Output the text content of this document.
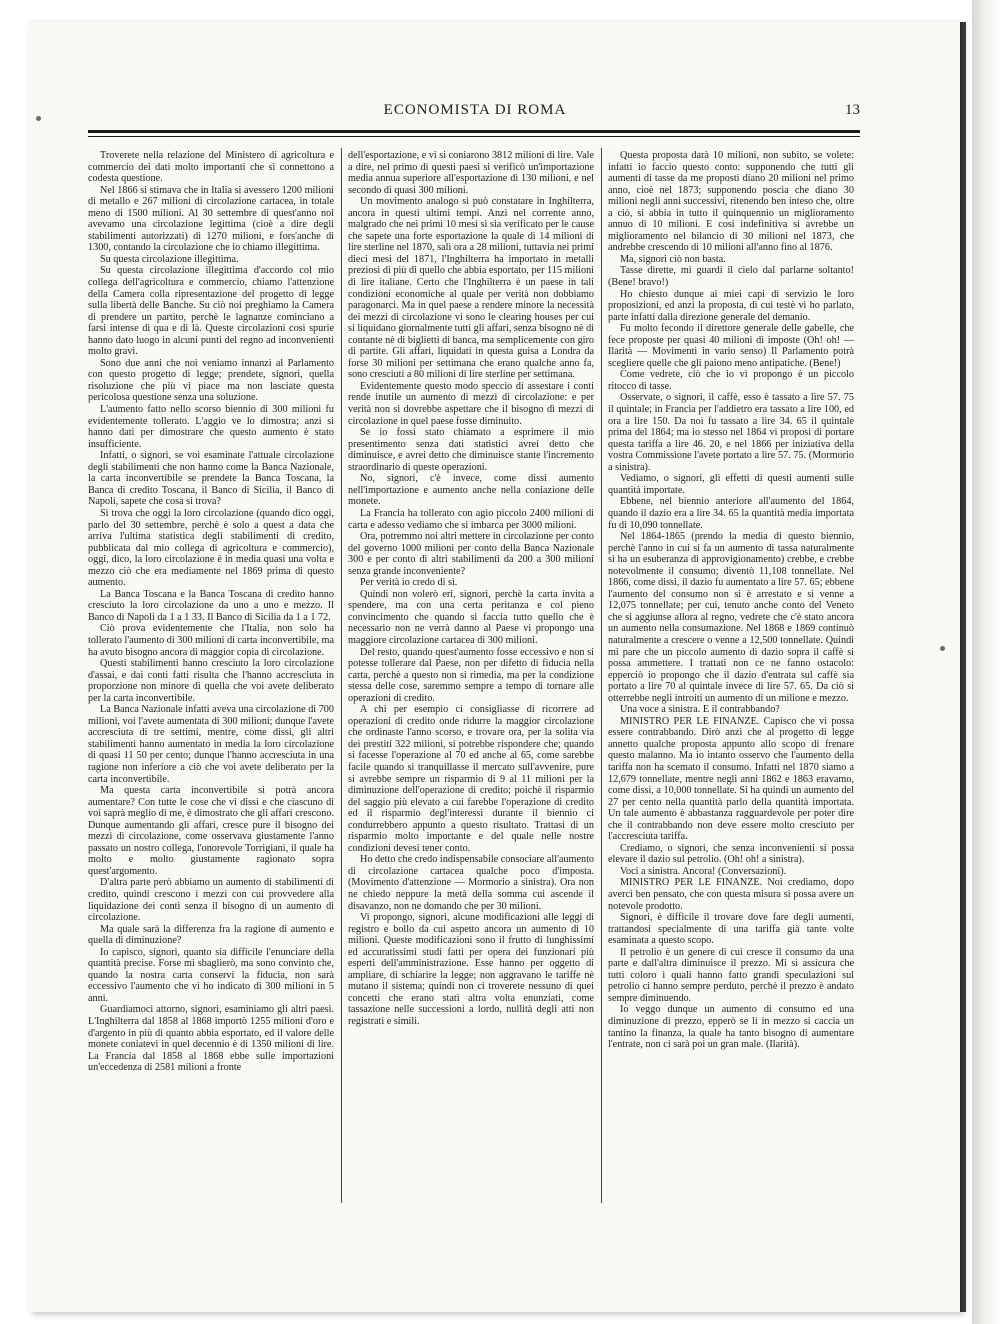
ECONOMISTA DI ROMA	13

Troverete nella relazione del Ministero di agricoltura e commercio dei dati molto importanti che si connettono a codesta questione.

Nel 1866 si stimava che in Italia si avessero 1200 milioni di metallo e 267 milioni di circolazione cartacea, in totale meno di 1500 milioni. Al 30 settembre di quest'anno noi avevamo una circolazione legittima (cioè a dire degli stabilimenti autorizzati) di 1270 milioni, e fors'anche di 1300, contando la circolazione che io chiamo illegittima.

Su questa circolazione illegittima.

Su questa circolazione illegittima d'accordo col mio collega dell'agricoltura e commercio, chiamo l'attenzione della Camera colla ripresentazione del progetto di legge sulla libertà delle Banche. Su ciò noi preghiamo la Camera di prendere un partito, perchè le lagnanze cominciano a farsi intense di qua e di là. Queste circolazioni così spurie hanno dato luogo in alcuni punti del regno ad inconvenienti molto gravi.

Sono due anni che noi veniamo innanzi al Parlamento con questo progetto di legge; prendete, signori, quella risoluzione che più vi piace ma non lasciate questa pericolosa questione senza una soluzione.

L'aumento fatto nello scorso biennio di 300 milioni fu evidentemente tollerato. L'aggio ve lo dimostra; anzi si hanno dati per dimostrare che questo aumento è stato insufficiente.

Infatti, o signori, se voi esaminate l'attuale circolazione degli stabilimenti che non hanno come la Banca Nazionale, la carta inconvertibile se prendete la Banca Toscana, la Banca di credito Toscana, il Banco di Sicilia, il Banco di Napoli, sapete che cosa si trova?

Si trova che oggi la loro circolazione (quando dico oggi, parlo del 30 settembre, perchè è solo a quest a data che arriva l'ultima statistica degli stabilimenti di credito, pubblicata dal mio collega di agricoltura e commercio), oggi, dico, la loro circolazione è in media quasi una volta e mezzo ciò che era mediamente nel 1869 prima di questo aumento.

La Banca Toscana e la Banca Toscana di credito hanno cresciuto la loro circolazione da uno a uno e mezzo. Il Banco di Napoli da 1 a 1 33. Il Banco di Sicilia da 1 a 1 72.

Ciò prova evidentemente che l'Italia, non solo ha tollerato l'aumento di 300 milioni di carta inconvertibile, ma ha avuto bisogno ancora di maggior copia di circolazione.

Questi stabilimenti hanno cresciuto la loro circolazione d'assai, e dai conti fatti risulta che l'hanno accresciuta in proporzione non minore di quella che voi avete deliberato per la carta inconvertibile.

La Banca Nazionale infatti aveva una circolazione di 700 milioni, voi l'avete aumentata di 300 milioni; dunque l'avete accresciuta di tre settimi, mentre, come dissi, gli altri stabilimenti hanno aumentato in media la loro circolazione di quasi 11 50 per cento; dunque l'hanno accresciuta in una ragione non inferiore a ciò che voi avete deliberato per la carta inconvertibile.

Ma questa carta inconvertibile si potrà ancora aumentare? Con tutte le cose che vi dissi e che ciascuno di voi saprà meglio di me, è dimostrato che gli affari crescono. Dunque aumentando gli affari, cresce pure il bisogno dei mezzi di circolazione, come osservava giustamente l'anno passato un nostro collega, l'onorevole Torrigiani, il quale ha molto e molto giustamente ragionato sopra quest'argomento.

D'altra parte però abbiamo un aumento di stabilimenti di credito, quindi crescono i mezzi con cui provvedere alla liquidazione dei conti senza il bisogno di un aumento di circolazione.

Ma quale sarà la differenza fra la ragione di aumento e quella di diminuzione?

Io capisco, signori, quanto sia difficile l'enunciare della quantità precise. Forse mi sbaglierò, ma sono convinto che, quando la nostra carta conservi la fiducia, non sarà eccessivo l'aumento che vi ho indicato di 300 milioni in 5 anni.

Guardiamoci attorno, signori, esaminiamo gli altri paesi. L'Inghilterra dal 1858 al 1868 importò 1255 milioni d'oro e d'argento in più di quanto abbia esportato, ed il valore delle monete coniatevi in quel decennio è di 1350 milioni di lire. La Francia dal 1858 al 1868 ebbe sulle importazioni un'eccedenza di 2581 milioni a fronte

dell'esportazione, e vi si coniarono 3812 milioni di lire. Vale a dire, nel primo di questi paesi si verificò un'importazione media annua superiore all'esportazione di 130 milioni, e nel secondo di quasi 300 milioni.

Un movimento analogo si può constatare in Inghilterra, ancora in questi ultimi tempi. Anzi nel corrente anno, malgrado che nei primi 10 mesi si sia verificato per le cause che sapete una forte esportazione la quale di 14 milioni di lire sterline nel 1870, salì ora a 28 milioni, tuttavia nei primi dieci mesi del 1871, l'Inghilterra ha importato in metalli preziosi di più di quello che abbia esportato, per 115 milioni di lire italiane. Certo che l'Inghilterra è un paese in tali condizioni economiche al quale per verità non dobbiamo paragonarci. Ma in quel paese a rendere minore la necessità dei mezzi di circolazione vi sono le clearing houses per cui si liquidano giornalmente tutti gli affari, senza bisogno nè di contante nè di biglietti di banca, ma semplicemente con giro di partite. Gli affari, liquidati in questa guisa a Londra da forse 30 milioni per settimana che erano qualche anno fa, sono cresciuti a 80 milioni di lire sterline per settimana.

Evidentemente questo modo speccio di assestare i conti rende inutile un aumento di mezzi di circolazione: e per verità non si dovrebbe aspettare che il bisogno di mezzi di circolazione in quel paese fosse diminuito.

Se io fossi stato chiamato a esprimere il mio presentimento senza dati statistici avrei detto che diminuisce, e avrei detto che diminuisce stante l'incremento straordinario di queste operazioni.

No, signori, c'è invece, come dissi aumento nell'importazione e aumento anche nella coniazione delle monete.

La Francia ha tollerato con agio piccolo 2400 milioni di carta e adesso vediamo che si imbarca per 3000 milioni.

Ora, potremmo noi altri mettere in circolazione per conto del governo 1000 milioni per conto della Banca Nazionale 300 e per conto di altri stabilimenti da 200 a 300 milioni senza grande inconveniente?

Per verità io credo di sì.

Quindi non volerò eri, signori, perchè la carta invita a spendere, ma con una certa peritanza e col pieno convincimento che quando si faccia tutto quello che è necessario non ne verrà danno al Paese vi propongo una maggiore circolazione cartacea di 300 milioni.

Del resto, quando quest'aumento fosse eccessivo e non si potesse tollerare dal Paese, non per difetto di fiducia nella carta, perchè a questo non si rimedia, ma per la condizione stessa delle cose, saremmo sempre a tempo di tornare alle operazioni di credito.

A chi per esempio ci consigliasse di ricorrere ad operazioni di credito onde ridurre la maggior circolazione che ordinaste l'anno scorso, e trovare ora, per la solita via dei prestiti 322 milioni, si potrebbe rispondere che; quando si facesse l'operazione al 70 ed anche al 65, come sarebbe facile quando si tranquillasse il mercato sull'avvenire, pure si avrebbe sempre un risparmio di 9 al 11 milioni per la diminuzione dell'operazione di credito; poichè il risparmio del saggio più elevato a cui farebbe l'operazione di credito ed il risparmio degl'interessi durante il biennio ci condurrebbero appunto a questo risultato. Trattasi di un risparmio molto importante e del quale nelle nostre condizioni devesi tener conto.

Ho detto che credo indispensabile consociare all'aumento di circolazione cartacea qualche poco d'imposta. (Movimento d'attenzione — Mormorio a sinistra). Ora non ne chiedo neppure la metà della somma cui ascende il disavanzo, non ne domando che per 30 milioni.

Vi propongo, signori, alcune modificazioni alle leggi di registro e bollo da cui aspetto ancora un aumento di 10 milioni. Queste modificazioni sono il frutto di lunghissimi ed accuratissimi studi fatti per opera dei funzionari più esperti dell'amministrazione. Esse hanno per oggetto di ampliare, di schiarire la legge; non aggravano le tariffe nè mutano il sistema; quindi non ci troverete nessuno di quei concetti che erano stati altra volta enunziati, come tassazione nelle successioni a lordo, nullità degli atti non registrati e simili.

Questa proposta darà 10 milioni, non subito, se volete: infatti io faccio questo conto: supponendo che tutti gli aumenti di tasse da me proposti diano 20 milioni nel primo anno, cioè nel 1873; supponendo poscia che diano 30 milioni negli anni successivi, ritenendo ben inteso che, oltre a ciò, si abbia in tutto il quinquennio un miglioramento annuo di 10 milioni. E così indefinitiva si avrebbe un miglioramento nel bilancio di 30 milioni nel 1873, che andrebbe crescendo di 10 milioni all'anno fino al 1876.

Ma, signori ciò non basta.

Tasse dirette, mi guardi il cielo dal parlarne soltanto! (Bene! bravo!)

Ho chiesto dunque ai miei capi di servizio le loro proposizioni, ed anzi la proposta, di cui testè vi ho parlato, parte infatti dalla direzione generale del demanio.

Fu molto fecondo il direttore generale delle gabelle, che fece proposte per quasi 40 milioni di imposte (Oh! oh! — Ilarità — Movimenti in vario senso) Il Parlamento potrà scegliere quelle che gli paiono meno antipatiche. (Bene!)

Come vedrete, ciò che io vi propongo è un piccolo ritocco di tasse.

Osservate, o signori, il caffè, esso è tassato a lire 57. 75 il quintale; in Francia per l'addietro era tassato a lire 100, ed ora a lire 150. Da noi fu tassato a lire 34. 65 il quintale prima del 1864; ma io stesso nel 1864 vi proposi di portare questa tariffa a lire 46. 20, e nel 1866 per iniziativa della vostra Commissione l'avete portato a lire 57. 75. (Mormorio a sinistra).

Vediamo, o signori, gli effetti di questi aumenti sulle quantità importate.

Ebbene, nel biennio anteriore all'aumento del 1864, quando il dazio era a lire 34. 65 la quantità media importata fu di 10,090 tonnellate.

Nel 1864-1865 (prendo la media di questo biennio, perchè l'anno in cui si fa un aumento di tassa naturalmente si ha un esuberanza di approvigionamento) crebbe, e crebbe notevolmente il consumo; diventò 11,108 tonnellate. Nel 1866, come dissi, il dazio fu aumentato a lire 57. 65; ebbene l'aumento del consumo non si è arrestato e si venne a 12,075 tonnellate; per cui, tenuto anche conto del Veneto che si aggiunse allora al regno, vedrete che c'è stato ancora un aumento nella consumazione. Nel 1868 e 1869 continuò naturalmente a crescere o venne a 12,500 tonnellate. Quindi mi pare che un piccolo aumento di dazio sopra il caffè si possa ammettere. I trattati non ce ne fanno ostacolo: epperciò io propongo che il dazio d'entrata sul caffè sia portato a lire 70 al quintale invece di lire 57. 65. Da ciò si otterrebbe negli introiti un aumento di un milione e mezzo.

Una voce a sinistra. E il contrabbando?

MINISTRO PER LE FINANZE. Capisco che vi possa essere contrabbando. Dirò anzi che al progetto di legge annetto qualche proposta appunto allo scopo di frenare questo malanno. Ma io intanto osservo che l'aumento della tariffa non ha scemato il consumo. Infatti nel 1870 siamo a 12,679 tonnellate, mentre negli anni 1862 e 1863 eravamo, come dissi, a 10,000 tonnellate. Si ha quindi un aumento del 27 per cento nella quantità parlo della quantità importata. Un tale aumento è abbastanza ragguardevole per poter dire che il contrabbando non deve essere molto cresciuto per l'accresciuta tariffa.

Crediamo, o signori, che senza inconvenienti si possa elevare il dazio sul petrolio. (Oh! oh! a sinistra).

Voci a sinistra. Ancora! (Conversazioni).

MINISTRO PER LE FINANZE. Noi crediamo, dopo averci ben pensato, che con questa misura si possa avere un notevole prodotto.

Signori, è difficile il trovare dove fare degli aumenti, trattandosi specialmente di una tariffa già tante volte esaminata a questo scopo.

Il petrolio è un genere di cui cresce il consumo da una parte e dall'altra diminuisce il prezzo. Mi si assicura che tutti coloro i quali hanno fatto grandi speculazioni sul petrolio ci hanno sempre perduto, perchè il prezzo è andato sempre diminuendo.

Io veggo dunque un aumento di consumo ed una diminuzione di prezzo, epperò se li in mezzo si caccia un tantino la finanza, la quale ha tanto bisogno di aumentare l'entrate, non ci sarà poi un gran male. (Ilarità).
